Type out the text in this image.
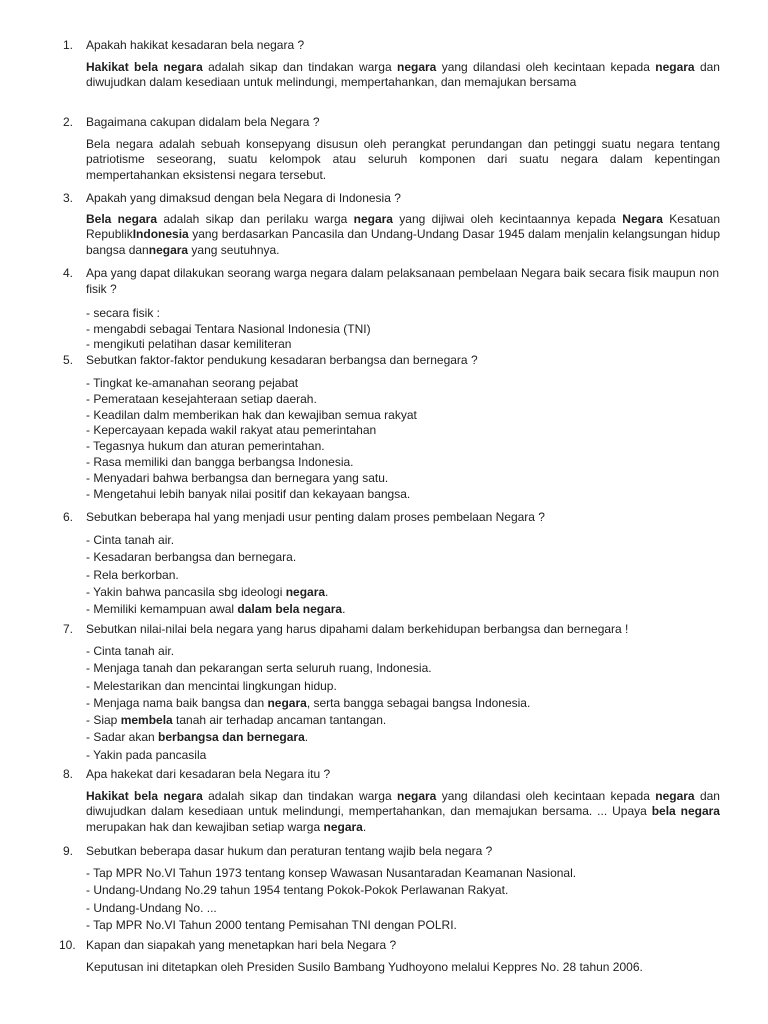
1.	Apakah hakikat kesadaran bela negara ?

Hakikat bela negara adalah sikap dan tindakan warga negara yang dilandasi oleh kecintaan kepada negara dan diwujudkan dalam kesediaan untuk melindungi, mempertahankan, dan memajukan bersama

2.	Bagaimana cakupan didalam bela Negara ?

Bela negara adalah sebuah konsepyang disusun oleh perangkat perundangan dan petinggi suatu negara tentang patriotisme seseorang, suatu kelompok atau seluruh komponen dari suatu negara dalam kepentingan mempertahankan eksistensi negara tersebut.

3.	Apakah yang dimaksud dengan bela Negara di Indonesia ?

Bela negara adalah sikap dan perilaku warga negara yang dijiwai oleh kecintaannya kepada Negara Kesatuan RepublikIndonesia yang berdasarkan Pancasila dan Undang-Undang Dasar 1945 dalam menjalin kelangsungan hidup bangsa dannegara yang seutuhnya.

4.	Apa yang dapat dilakukan seorang warga negara dalam pelaksanaan pembelaan Negara baik secara fisik maupun non fisik ?
- secara fisik :
- mengabdi sebagai Tentara Nasional Indonesia (TNI)
- mengikuti pelatihan dasar kemiliteran
5.	Sebutkan faktor-faktor pendukung kesadaran berbangsa dan bernegara ?
- Tingkat ke-amanahan seorang pejabat
- Pemerataan kesejahteraan setiap daerah.
- Keadilan dalm memberikan hak dan kewajiban semua rakyat
- Kepercayaan kepada wakil rakyat atau pemerintahan
- Tegasnya hukum dan aturan pemerintahan.
- Rasa memiliki dan bangga berbangsa Indonesia.
- Menyadari bahwa berbangsa dan bernegara yang satu.
- Mengetahui lebih banyak nilai positif dan kekayaan bangsa.
6.	Sebutkan beberapa hal yang menjadi usur penting dalam proses pembelaan Negara ?
- Cinta tanah air.
- Kesadaran berbangsa dan bernegara.
- Rela berkorban.
- Yakin bahwa pancasila sbg ideologi negara.
- Memiliki kemampuan awal dalam bela negara.
7.	Sebutkan nilai-nilai bela negara yang harus dipahami dalam berkehidupan berbangsa dan bernegara !
- Cinta tanah air.
- Menjaga tanah dan pekarangan serta seluruh ruang, Indonesia.
- Melestarikan dan mencintai lingkungan hidup.
- Menjaga nama baik bangsa dan negara, serta bangga sebagai bangsa Indonesia.
- Siap membela tanah air terhadap ancaman tantangan.
- Sadar akan berbangsa dan bernegara.
- Yakin pada pancasila
8.	Apa hakekat dari kesadaran bela Negara itu ?

Hakikat bela negara adalah sikap dan tindakan warga negara yang dilandasi oleh kecintaan kepada negara dan diwujudkan dalam kesediaan untuk melindungi, mempertahankan, dan memajukan bersama. ... Upaya bela negara merupakan hak dan kewajiban setiap warga negara.

9.	Sebutkan beberapa dasar hukum dan peraturan tentang wajib bela negara ?
- Tap MPR No.VI Tahun 1973 tentang konsep Wawasan Nusantaradan Keamanan Nasional.
- Undang-Undang No.29 tahun 1954 tentang Pokok-Pokok Perlawanan Rakyat.
- Undang-Undang No. ...
- Tap MPR No.VI Tahun 2000 tentang Pemisahan TNI dengan POLRI.
10. Kapan dan siapakah yang menetapkan hari bela Negara ?

Keputusan ini ditetapkan oleh Presiden Susilo Bambang Yudhoyono melalui Keppres No. 28 tahun 2006.
